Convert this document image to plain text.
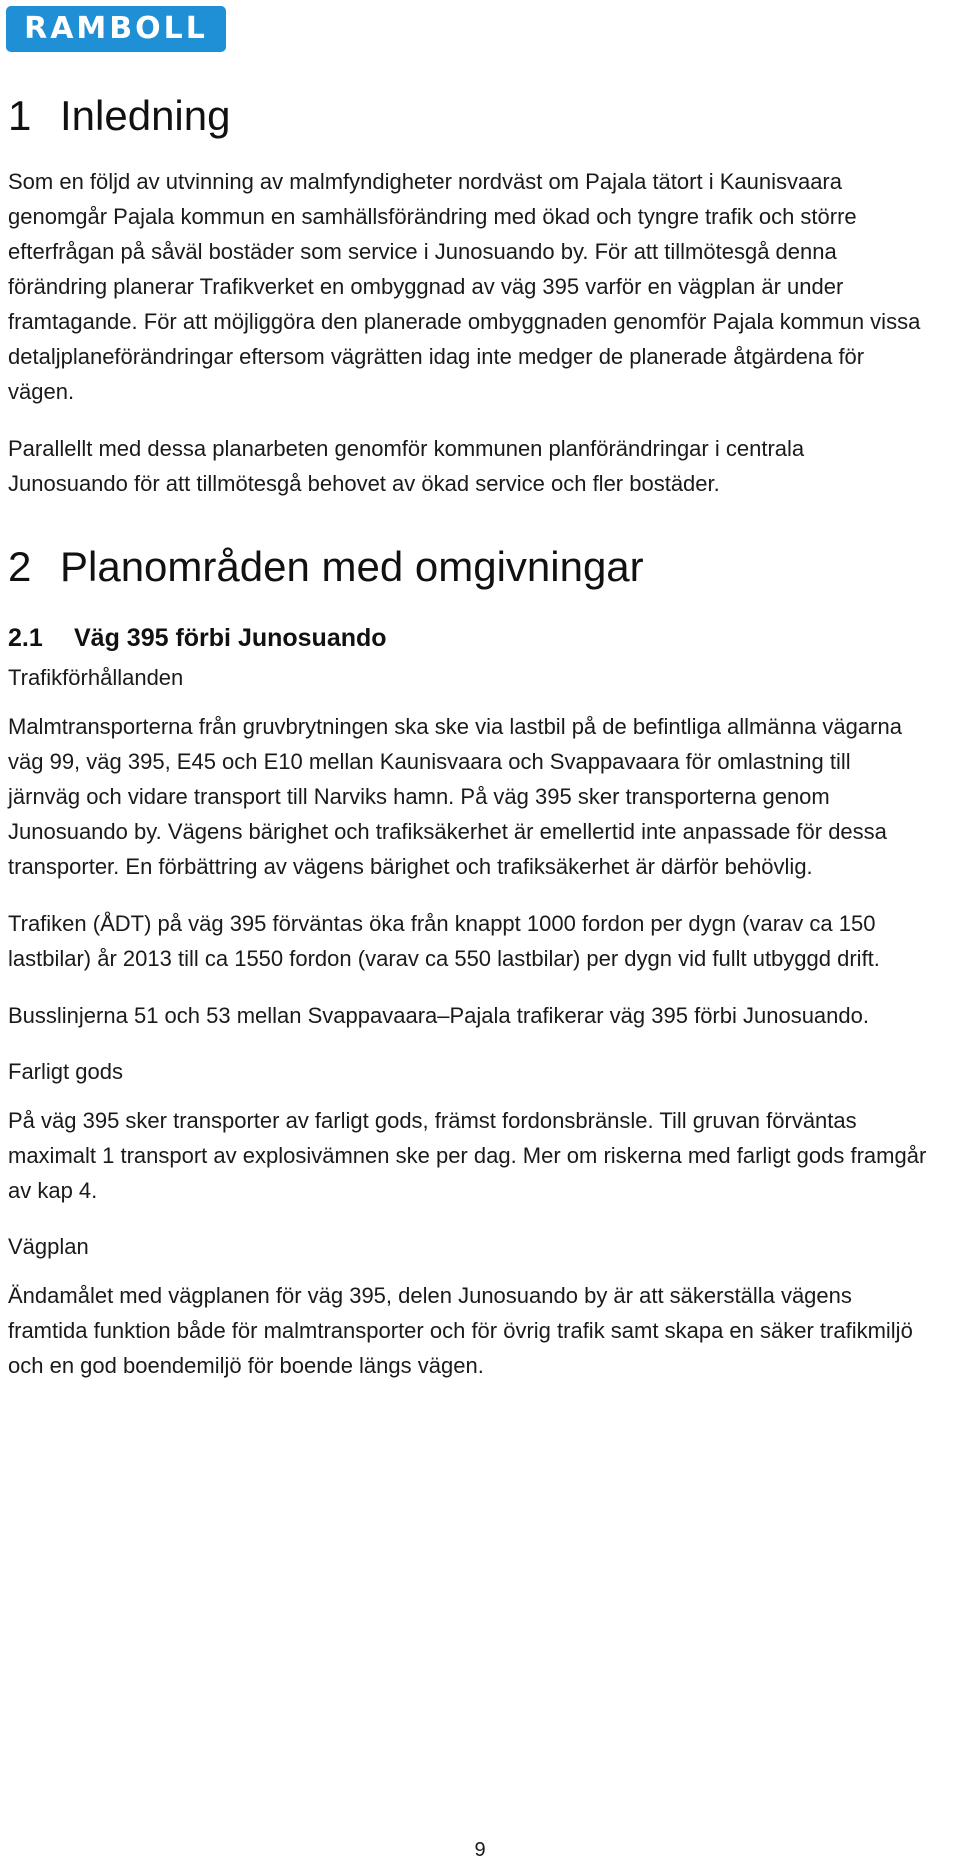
RAMBOLL
1 Inledning

Som en följd av utvinning av malmfyndigheter nordväst om Pajala tätort i Kaunisvaara genomgår Pajala kommun en samhällsförändring med ökad och tyngre trafik och större efterfrågan på såväl bostäder som service i Junosuando by. För att tillmötesgå denna förändring planerar Trafikverket en ombyggnad av väg 395 varför en vägplan är under framtagande. För att möjliggöra den planerade ombyggnaden genomför Pajala kommun vissa detaljplaneförändringar eftersom vägrätten idag inte medger de planerade åtgärdena för vägen.

Parallellt med dessa planarbeten genomför kommunen planförändringar i centrala Junosuando för att tillmötesgå behovet av ökad service och fler bostäder.

2 Planområden med omgivningar
2.1 Väg 395 förbi Junosuando
Trafikförhållanden

Malmtransporterna från gruvbrytningen ska ske via lastbil på de befintliga allmänna vägarna väg 99, väg 395, E45 och E10 mellan Kaunisvaara och Svappavaara för omlastning till järnväg och vidare transport till Narviks hamn. På väg 395 sker transporterna genom Junosuando by. Vägens bärighet och trafiksäkerhet är emellertid inte anpassade för dessa transporter. En förbättring av vägens bärighet och trafiksäkerhet är därför behövlig.

Trafiken (ÅDT) på väg 395 förväntas öka från knappt 1000 fordon per dygn (varav ca 150 lastbilar) år 2013 till ca 1550 fordon (varav ca 550 lastbilar) per dygn vid fullt utbyggd drift.

Busslinjerna 51 och 53 mellan Svappavaara–Pajala trafikerar väg 395 förbi Junosuando.

Farligt gods

På väg 395 sker transporter av farligt gods, främst fordonsbränsle. Till gruvan förväntas maximalt 1 transport av explosivämnen ske per dag. Mer om riskerna med farligt gods framgår av kap 4.

Vägplan

Ändamålet med vägplanen för väg 395, delen Junosuando by är att säkerställa vägens framtida funktion både för malmtransporter och för övrig trafik samt skapa en säker trafikmiljö och en god boendemiljö för boende längs vägen.

9
